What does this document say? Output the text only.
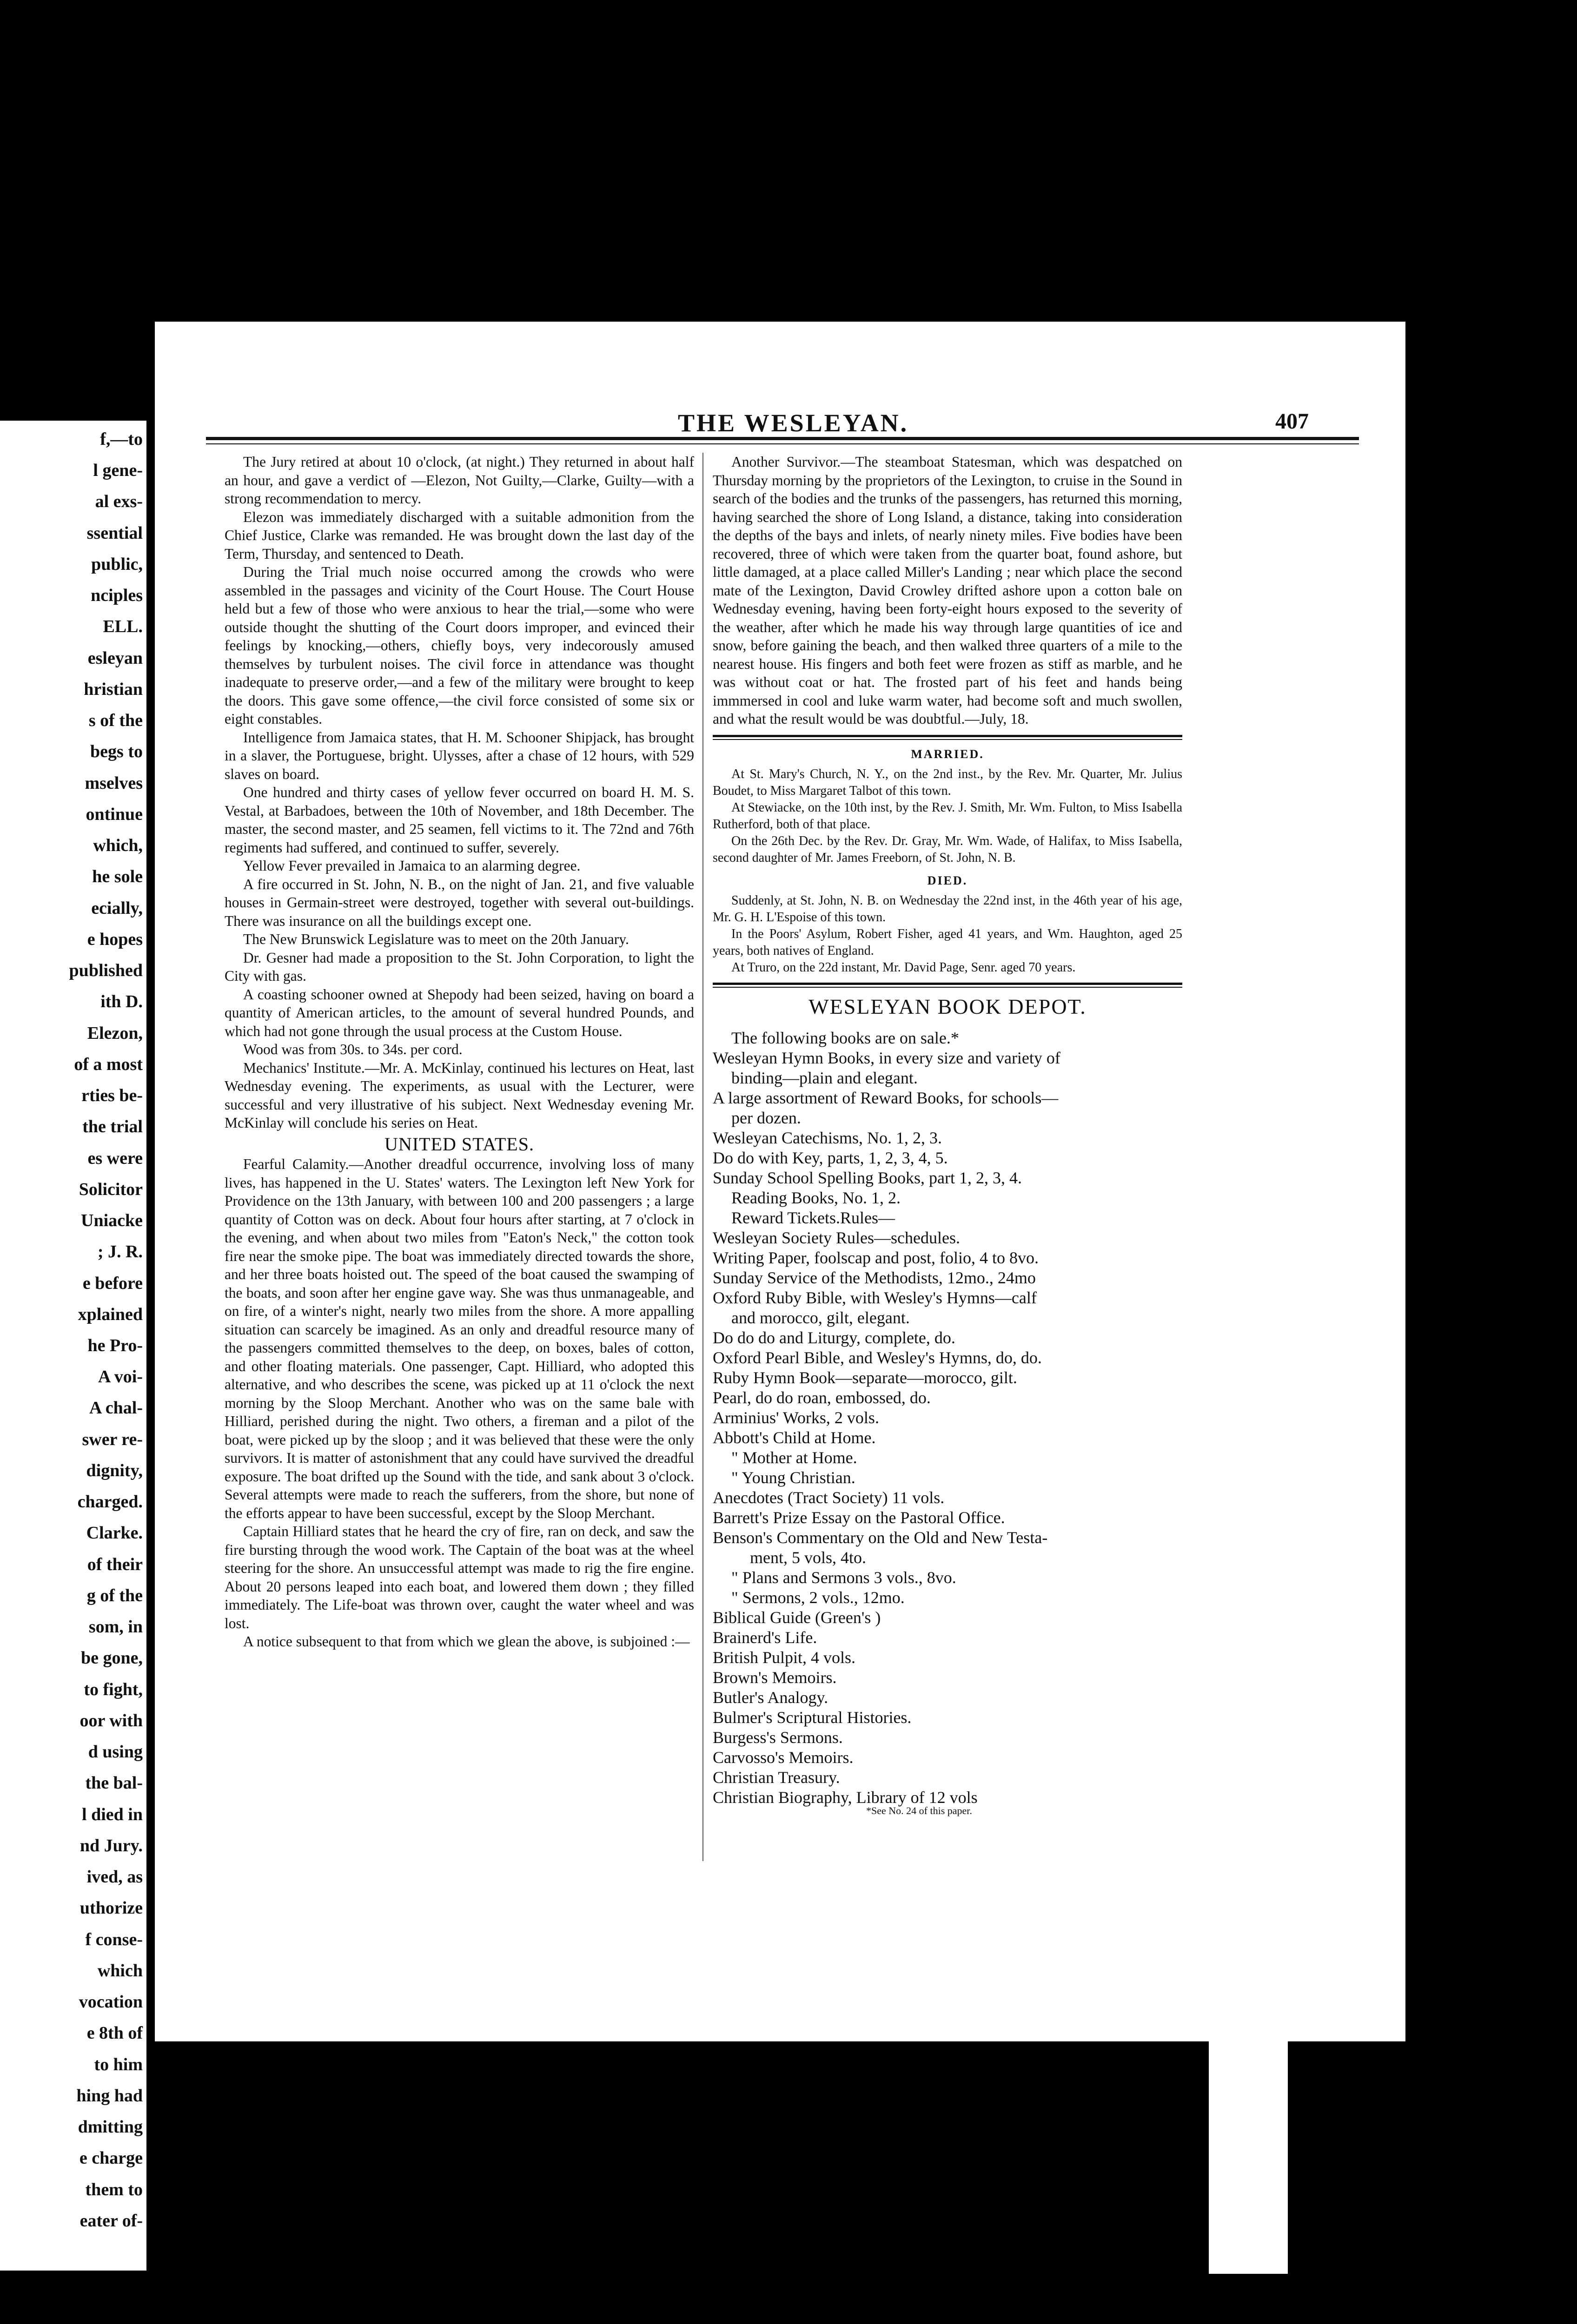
f,—to
l gene-
al exs-
ssential
public,
nciples
ELL.
esleyan
hristian
s of the
begs to
mselves
ontinue
which,
he sole
ecially,
e hopes
published
ith D.
Elezon,
of a most
rties be-
the trial
es were
Solicitor
Uniacke
; J. R.
e before
xplained
he Pro-
A voi-
A chal-
swer re-
dignity,
charged.
Clarke.
of their
g of the
som, in
be gone,
to fight,
oor with
d using
the bal-
l died in
nd Jury.
ived, as
uthorize
f conse-
which
vocation
e 8th of
to him
hing had
dmitting
e charge
them to
eater of-
THE WESLEYAN.	407

The Jury retired at about 10 o'clock, (at night.) They returned in about half an hour, and gave a verdict of —Elezon, Not Guilty,—Clarke, Guilty—with a strong recommendation to mercy.

Elezon was immediately discharged with a suitable admonition from the Chief Justice, Clarke was remanded. He was brought down the last day of the Term, Thursday, and sentenced to Death.

During the Trial much noise occurred among the crowds who were assembled in the passages and vicinity of the Court House. The Court House held but a few of those who were anxious to hear the trial,—some who were outside thought the shutting of the Court doors improper, and evinced their feelings by knocking,—others, chiefly boys, very indecorously amused themselves by turbulent noises. The civil force in attendance was thought inadequate to preserve order,—and a few of the military were brought to keep the doors. This gave some offence,—the civil force consisted of some six or eight constables.

Intelligence from Jamaica states, that H. M. Schooner Shipjack, has brought in a slaver, the Portuguese, bright. Ulysses, after a chase of 12 hours, with 529 slaves on board.

One hundred and thirty cases of yellow fever occurred on board H. M. S. Vestal, at Barbadoes, between the 10th of November, and 18th December. The master, the second master, and 25 seamen, fell victims to it. The 72nd and 76th regiments had suffered, and continued to suffer, severely.

Yellow Fever prevailed in Jamaica to an alarming degree.

A fire occurred in St. John, N. B., on the night of Jan. 21, and five valuable houses in Germain-street were destroyed, together with several out-buildings. There was insurance on all the buildings except one.

The New Brunswick Legislature was to meet on the 20th January.

Dr. Gesner had made a proposition to the St. John Corporation, to light the City with gas.

A coasting schooner owned at Shepody had been seized, having on board a quantity of American articles, to the amount of several hundred Pounds, and which had not gone through the usual process at the Custom House.

Wood was from 30s. to 34s. per cord.

Mechanics' Institute.—Mr. A. McKinlay, continued his lectures on Heat, last Wednesday evening. The experiments, as usual with the Lecturer, were successful and very illustrative of his subject. Next Wednesday evening Mr. McKinlay will conclude his series on Heat.

UNITED STATES.

Fearful Calamity.—Another dreadful occurrence, involving loss of many lives, has happened in the U. States' waters. The Lexington left New York for Providence on the 13th January, with between 100 and 200 passengers ; a large quantity of Cotton was on deck. About four hours after starting, at 7 o'clock in the evening, and when about two miles from "Eaton's Neck," the cotton took fire near the smoke pipe. The boat was immediately directed towards the shore, and her three boats hoisted out. The speed of the boat caused the swamping of the boats, and soon after her engine gave way. She was thus unmanageable, and on fire, of a winter's night, nearly two miles from the shore. A more appalling situation can scarcely be imagined. As an only and dreadful resource many of the passengers committed themselves to the deep, on boxes, bales of cotton, and other floating materials. One passenger, Capt. Hilliard, who adopted this alternative, and who describes the scene, was picked up at 11 o'clock the next morning by the Sloop Merchant. Another who was on the same bale with Hilliard, perished during the night. Two others, a fireman and a pilot of the boat, were picked up by the sloop ; and it was believed that these were the only survivors. It is matter of astonishment that any could have survived the dreadful exposure. The boat drifted up the Sound with the tide, and sank about 3 o'clock. Several attempts were made to reach the sufferers, from the shore, but none of the efforts appear to have been successful, except by the Sloop Merchant.

Captain Hilliard states that he heard the cry of fire, ran on deck, and saw the fire bursting through the wood work. The Captain of the boat was at the wheel steering for the shore. An unsuccessful attempt was made to rig the fire engine. About 20 persons leaped into each boat, and lowered them down ; they filled immediately. The Life-boat was thrown over, caught the water wheel and was lost.

A notice subsequent to that from which we glean the above, is subjoined :—

Another Survivor.—The steamboat Statesman, which was despatched on Thursday morning by the proprietors of the Lexington, to cruise in the Sound in search of the bodies and the trunks of the passengers, has returned this morning, having searched the shore of Long Island, a distance, taking into consideration the depths of the bays and inlets, of nearly ninety miles. Five bodies have been recovered, three of which were taken from the quarter boat, found ashore, but little damaged, at a place called Miller's Landing ; near which place the second mate of the Lexington, David Crowley drifted ashore upon a cotton bale on Wednesday evening, having been forty-eight hours exposed to the severity of the weather, after which he made his way through large quantities of ice and snow, before gaining the beach, and then walked three quarters of a mile to the nearest house. His fingers and both feet were frozen as stiff as marble, and he was without coat or hat. The frosted part of his feet and hands being immmersed in cool and luke warm water, had become soft and much swollen, and what the result would be was doubtful.—July, 18.

MARRIED.

At St. Mary's Church, N. Y., on the 2nd inst., by the Rev. Mr. Quarter, Mr. Julius Boudet, to Miss Margaret Talbot of this town.

At Stewiacke, on the 10th inst, by the Rev. J. Smith, Mr. Wm. Fulton, to Miss Isabella Rutherford, both of that place.

On the 26th Dec. by the Rev. Dr. Gray, Mr. Wm. Wade, of Halifax, to Miss Isabella, second daughter of Mr. James Freeborn, of St. John, N. B.

DIED.

Suddenly, at St. John, N. B. on Wednesday the 22nd inst, in the 46th year of his age, Mr. G. H. L'Espoise of this town.

In the Poors' Asylum, Robert Fisher, aged 41 years, and Wm. Haughton, aged 25 years, both natives of England.

At Truro, on the 22d instant, Mr. David Page, Senr. aged 70 years.

WESLEYAN BOOK DEPOT.
The following books are on sale.*
Wesleyan Hymn Books, in every size and variety of
binding—plain and elegant.
A large assortment of Reward Books, for schools—
per dozen.
Wesleyan Catechisms, No. 1, 2, 3.
Do do with Key, parts, 1, 2, 3, 4, 5.
Sunday School Spelling Books, part 1, 2, 3, 4.
Reading Books, No. 1, 2.
Reward Tickets.Rules—
Wesleyan Society Rules—schedules.
Writing Paper, foolscap and post, folio, 4 to 8vo.
Sunday Service of the Methodists, 12mo., 24mo
Oxford Ruby Bible, with Wesley's Hymns—calf
and morocco, gilt, elegant.
Do do do and Liturgy, complete, do.
Oxford Pearl Bible, and Wesley's Hymns, do, do.
Ruby Hymn Book—separate—morocco, gilt.
Pearl, do do roan, embossed, do.
Arminius' Works, 2 vols.
Abbott's Child at Home.
" Mother at Home.
" Young Christian.
Anecdotes (Tract Society) 11 vols.
Barrett's Prize Essay on the Pastoral Office.
Benson's Commentary on the Old and New Testa-
ment, 5 vols, 4to.
" Plans and Sermons 3 vols., 8vo.
" Sermons, 2 vols., 12mo.
Biblical Guide (Green's )
Brainerd's Life.
British Pulpit, 4 vols.
Brown's Memoirs.
Butler's Analogy.
Bulmer's Scriptural Histories.
Burgess's Sermons.
Carvosso's Memoirs.
Christian Treasury.
Christian Biography, Library of 12 vols
*See No. 24 of this paper.
